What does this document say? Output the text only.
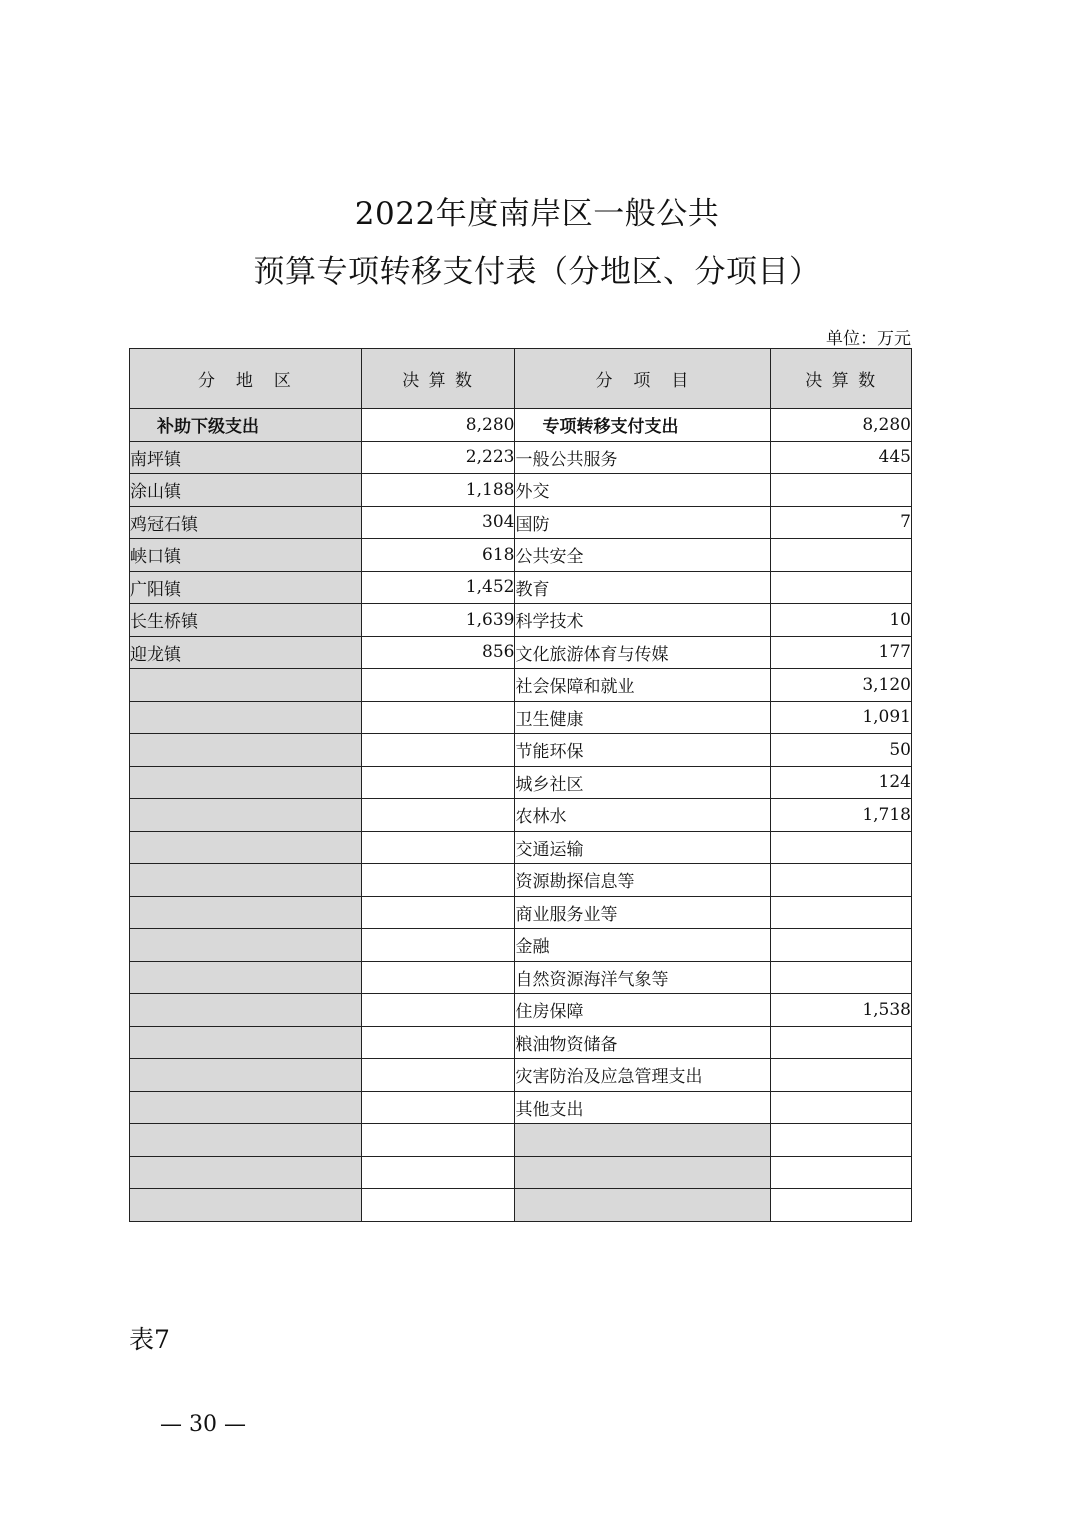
2022年度南岸区一般公共
预算专项转移支付表（分地区、分项目）
单位：万元
分　地　区	决 算 数	分　项　目	决 算 数
补助下级支出	8,280	专项转移支付支出	8,280
南坪镇	2,223	一般公共服务	445
涂山镇	1,188	外交	
鸡冠石镇	304	国防	7
峡口镇	618	公共安全	
广阳镇	1,452	教育	
长生桥镇	1,639	科学技术	10
迎龙镇	856	文化旅游体育与传媒	177
		社会保障和就业	3,120
		卫生健康	1,091
		节能环保	50
		城乡社区	124
		农林水	1,718
		交通运输	
		资源勘探信息等	
		商业服务业等	
		金融	
		自然资源海洋气象等	
		住房保障	1,538
		粮油物资储备	
		灾害防治及应急管理支出	
		其他支出	

表7
— 30 —
